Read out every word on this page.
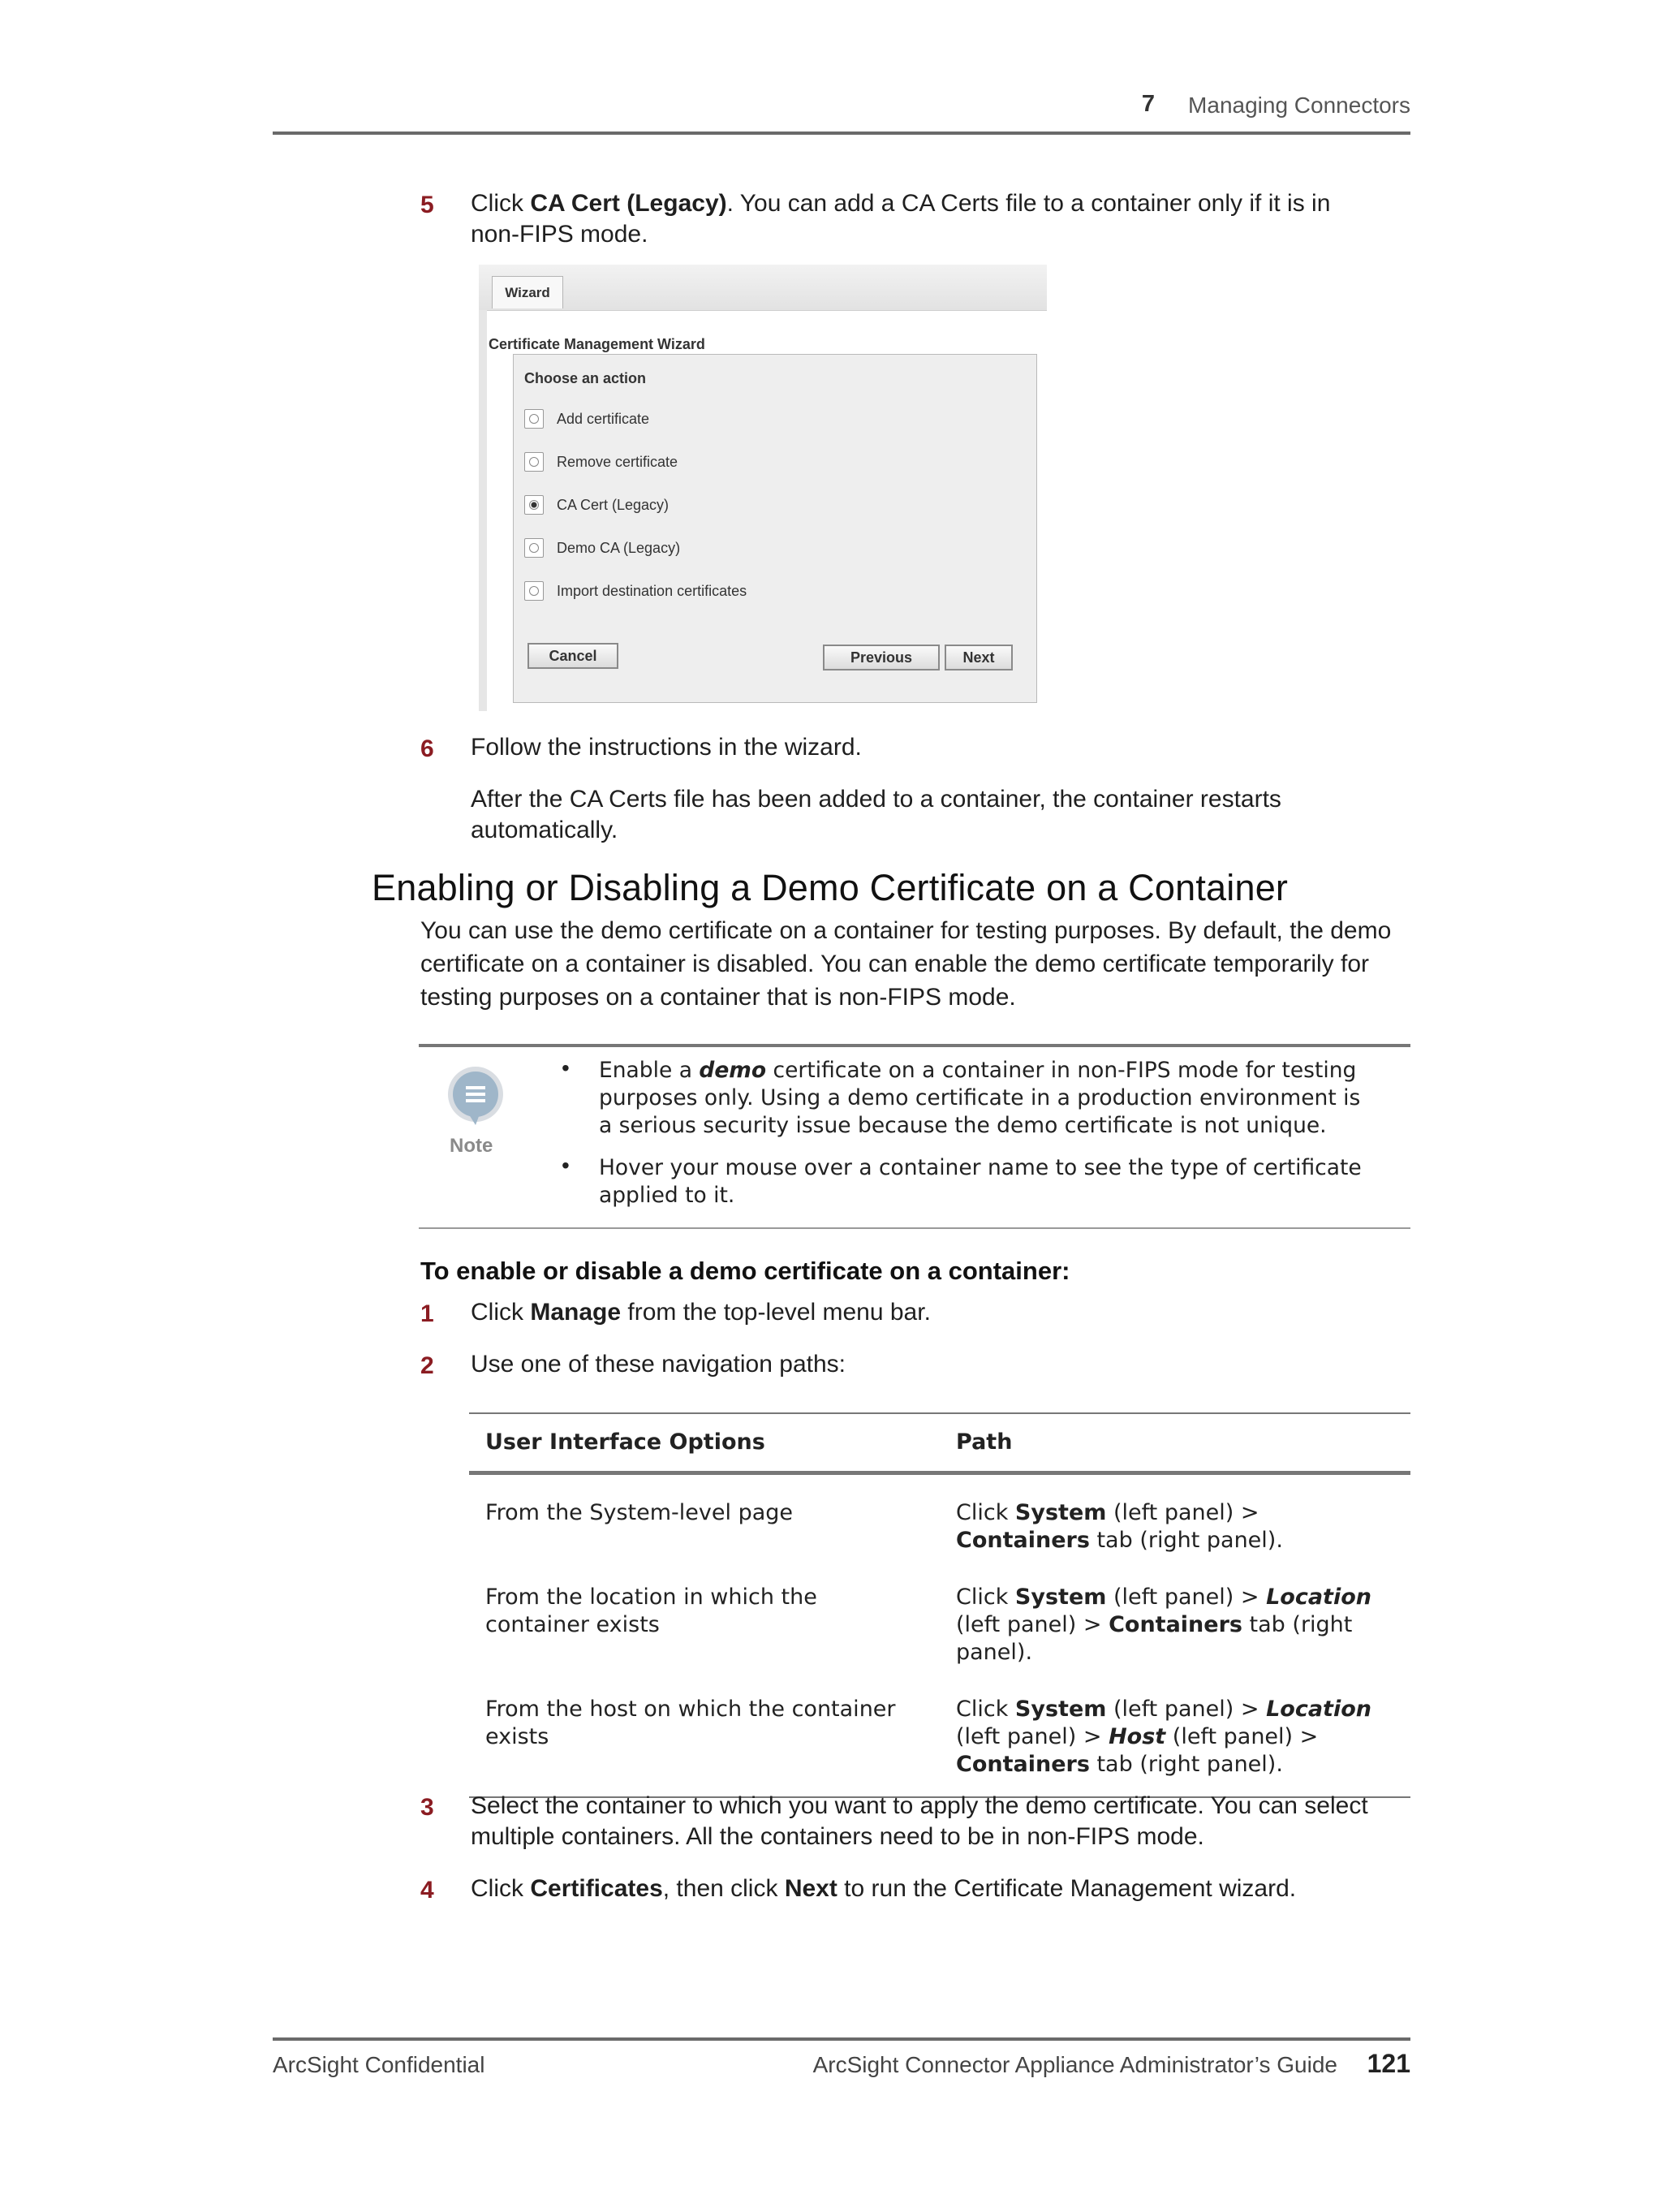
7 Managing Connectors
5 Click CA Cert (Legacy). You can add a CA Certs file to a container only if it is in
non-FIPS mode.
Wizard
Certificate Management Wizard
Choose an action
Add certificate
Remove certificate
CA Cert (Legacy)
Demo CA (Legacy)
Import destination certificates
Cancel	Previous	Next
6 Follow the instructions in the wizard.
After the CA Certs file has been added to a container, the container restarts
automatically.
Enabling or Disabling a Demo Certificate on a Container
You can use the demo certificate on a container for testing purposes. By default, the demo
certificate on a container is disabled. You can enable the demo certificate temporarily for
testing purposes on a container that is non-FIPS mode.
Note
• Enable a demo certificate on a container in non-FIPS mode for testing
purposes only. Using a demo certificate in a production environment is
a serious security issue because the demo certificate is not unique.
• Hover your mouse over a container name to see the type of certificate
applied to it.
To enable or disable a demo certificate on a container:
1 Click Manage from the top-level menu bar.
2 Use one of these navigation paths:
User Interface Options	Path
From the System-level page	Click System (left panel) >
Containers tab (right panel).
From the location in which the
container exists	Click System (left panel) > Location
(left panel) > Containers tab (right
panel).
From the host on which the container
exists	Click System (left panel) > Location
(left panel) > Host (left panel) >
Containers tab (right panel).
3 Select the container to which you want to apply the demo certificate. You can select
multiple containers. All the containers need to be in non-FIPS mode.
4 Click Certificates, then click Next to run the Certificate Management wizard.
ArcSight Confidential	ArcSight Connector Appliance Administrator’s Guide 121
